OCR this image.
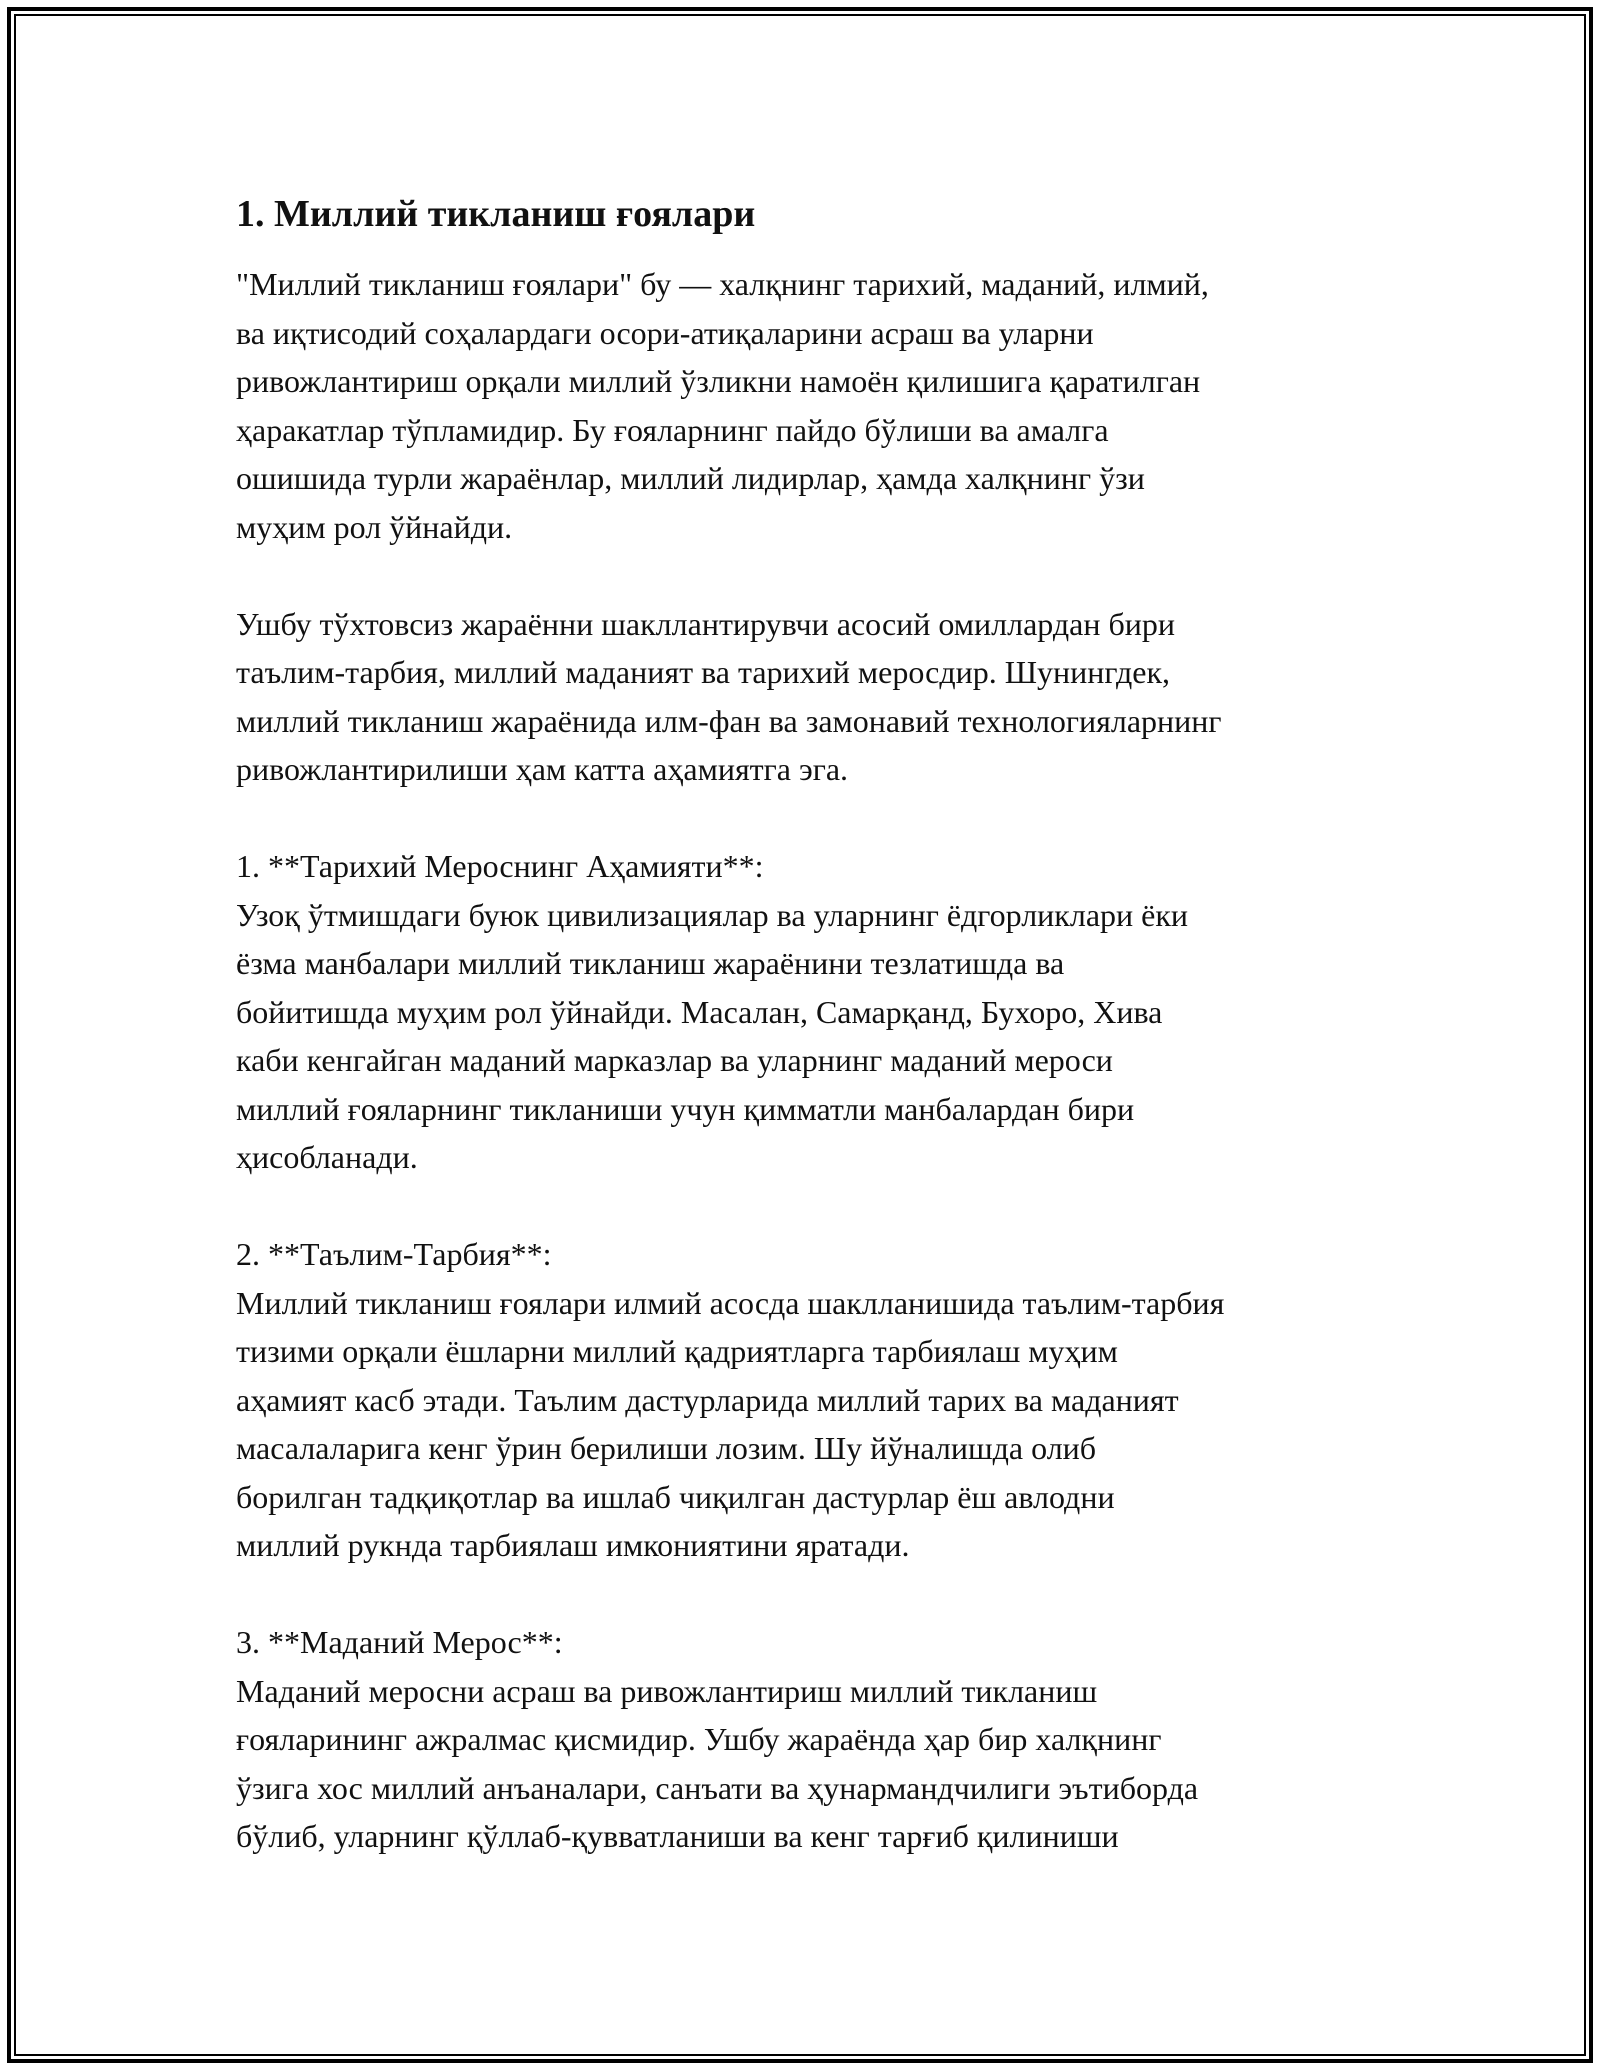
1. Миллий тикланиш ғоялари

"Миллий тикланиш ғоялари" бу — халқнинг тарихий, маданий, илмий,
ва иқтисодий соҳалардаги осори-атиқаларини асраш ва уларни
ривожлантириш орқали миллий ўзликни намоён қилишига қаратилган
ҳаракатлар тўпламидир. Бу ғояларнинг пайдо бўлиши ва амалга
ошишида турли жараёнлар, миллий лидирлар, ҳамда халқнинг ўзи
муҳим рол ўйнайди.

Ушбу тўхтовсиз жараённи шакллантирувчи асосий омиллардан бири
таълим-тарбия, миллий маданият ва тарихий меросдир. Шунингдек,
миллий тикланиш жараёнида илм-фан ва замонавий технологияларнинг
ривожлантирилиши ҳам катта аҳамиятга эга.

1. **Тарихий Мероснинг Аҳамияти**:
Узоқ ўтмишдаги буюк цивилизациялар ва уларнинг ёдгорликлари ёки
ёзма манбалари миллий тикланиш жараёнини тезлатишда ва
бойитишда муҳим рол ўйнайди. Масалан, Самарқанд, Бухоро, Хива
каби кенгайган маданий марказлар ва уларнинг маданий мероси
миллий ғояларнинг тикланиши учун қимматли манбалардан бири
ҳисобланади.

2. **Таълим-Тарбия**:
Миллий тикланиш ғоялари илмий асосда шаклланишида таълим-тарбия
тизими орқали ёшларни миллий қадриятларга тарбиялаш муҳим
аҳамият касб этади. Таълим дастурларида миллий тарих ва маданият
масалаларига кенг ўрин берилиши лозим. Шу йўналишда олиб
борилган тадқиқотлар ва ишлаб чиқилган дастурлар ёш авлодни
миллий рукнда тарбиялаш имкониятини яратади.

3. **Маданий Мерос**:
Маданий меросни асраш ва ривожлантириш миллий тикланиш
ғояларининг ажралмас қисмидир. Ушбу жараёнда ҳар бир халқнинг
ўзига хос миллий анъаналари, санъати ва ҳунармандчилиги эътиборда
бўлиб, уларнинг қўллаб-қувватланиши ва кенг тарғиб қилиниши
